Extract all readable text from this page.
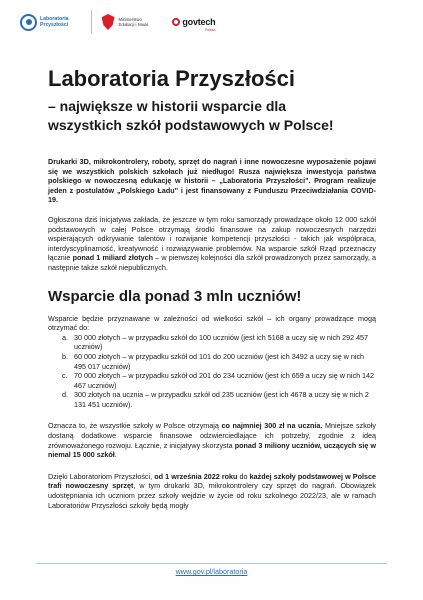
Laboratoria
Przyszłości
Ministerstwo
Edukacji i Nauki	govtech
Polska
Laboratoria Przyszłości
– największe w historii wsparcie dla
wszystkich szkół podstawowych w Polsce!

Drukarki 3D, mikrokontrolery, roboty, sprzęt do nagrań i inne nowoczesne wyposażenie pojawi się we wszystkich polskich szkołach już niedługo! Rusza największa inwestycja państwa polskiego w nowoczesną edukację w historii – „Laboratoria Przyszłości". Program realizuje jeden z postulatów „Polskiego Ładu" i jest finansowany z Funduszu Przeciwdziałania COVID-19.

Ogłoszona dziś inicjatywa zakłada, że jeszcze w tym roku samorządy prowadzące około 12 000 szkół podstawowych w całej Polsce otrzymają środki finansowe na zakup nowoczesnych narzędzi wspierających odkrywanie talentów i rozwijanie kompetencji przyszłości - takich jak współpraca, interdyscyplinarność, kreatywność i rozwiązywanie problemów. Na wsparcie szkół Rząd przeznaczy łącznie ponad 1 miliard złotych – w pierwszej kolejności dla szkół prowadzonych przez samorządy, a następnie także szkół niepublicznych.

Wsparcie dla ponad 3 mln uczniów!

Wsparcie będzie przyznawane w zależności od wielkości szkół – ich organy prowadzące mogą otrzymać do:

a. 30 000 złotych – w przypadku szkół do 100 uczniów (jest ich 5168 a uczy się w nich 292 457 uczniów)
b. 60 000 złotych – w przypadku szkół od 101 do 200 uczniów (jest ich 3492 a uczy się w nich 495 017 uczniów)
c. 70 000 złotych – w przypadku szkół od 201 do 234 uczniów (jest ich 659 a uczy się w nich 142 467 uczniów)
d. 300 złotych na ucznia – w przypadku szkół od 235 uczniów (jest ich 4678 a uczy się w nich 2 131 451 uczniów).

Oznacza to, że wszystkie szkoły w Polsce otrzymają co najmniej 300 zł na ucznia. Mniejsze szkoły dostaną dodatkowe wsparcie finansowe odzwierciedlające ich potrzeby, zgodnie z ideą zrównoważonego rozwoju. Łącznie, z inicjatywy skorzysta ponad 3 miliony uczniów, uczących się w niemal 15 000 szkół.

Dzięki Laboratoriom Przyszłości, od 1 września 2022 roku do każdej szkoły podstawowej w Polsce trafi nowoczesny sprzęt, w tym drukarki 3D, mikrokontrolery czy sprzęt do nagrań. Obowiązek udostępniania ich uczniom przez szkoły wejdzie w życie od roku szkolnego 2022/23, ale w ramach Laboratoriów Przyszłości szkoły będą mogły

www.gov.pl/laboratoria
